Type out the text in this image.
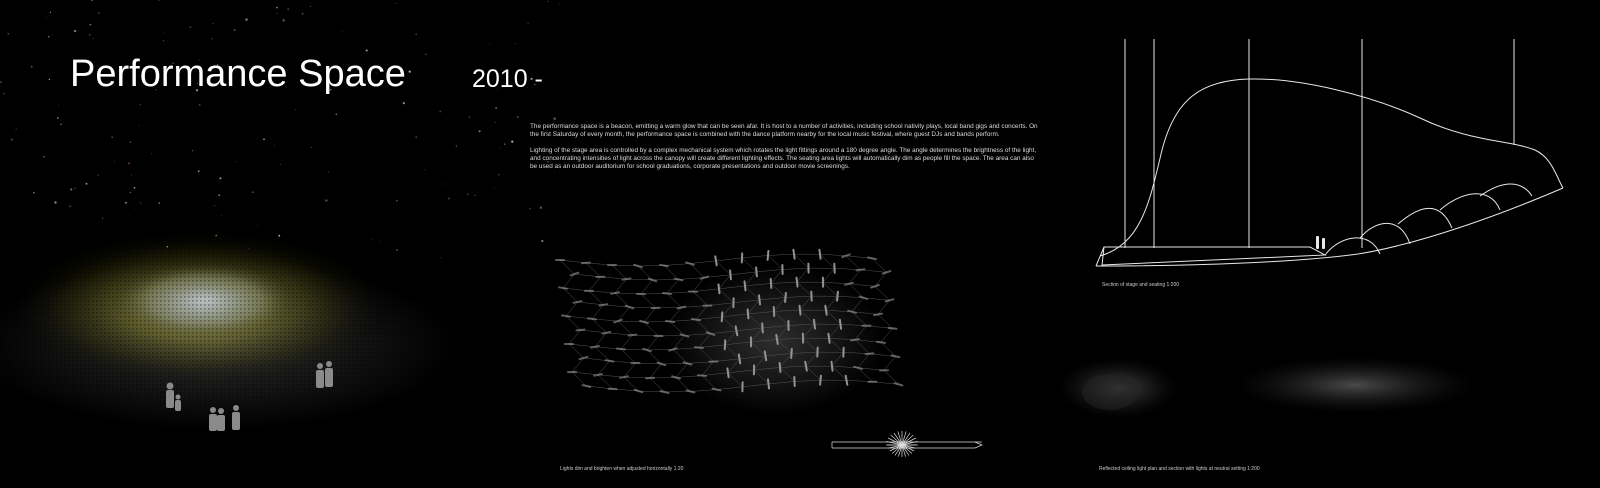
Performance Space	2010 -

The performance space is a beacon, emitting a warm glow that can be seen afar. It is host to a number of activities, including school nativity plays, local band gigs and concerts. On the first Saturday of every month, the performance space is combined with the dance platform nearby for the local music festival, where guest DJs and bands perform.

Lighting of the stage area is controlled by a complex mechanical system which rotates the light fittings around a 180 degree angle. The angle determines the brightness of the light, and concentrating intensities of light across the canopy will create different lighting effects. The seating area lights will automatically dim as people fill the space. The area can also be used as an outdoor auditorium for school graduations, corporate presentations and outdoor movie screenings.

Lights dim and brighten when adjusted horizontally 1:20
Section of stage and seating 1:200
Reflected ceiling light plan and section with lights at neutral setting 1:200
